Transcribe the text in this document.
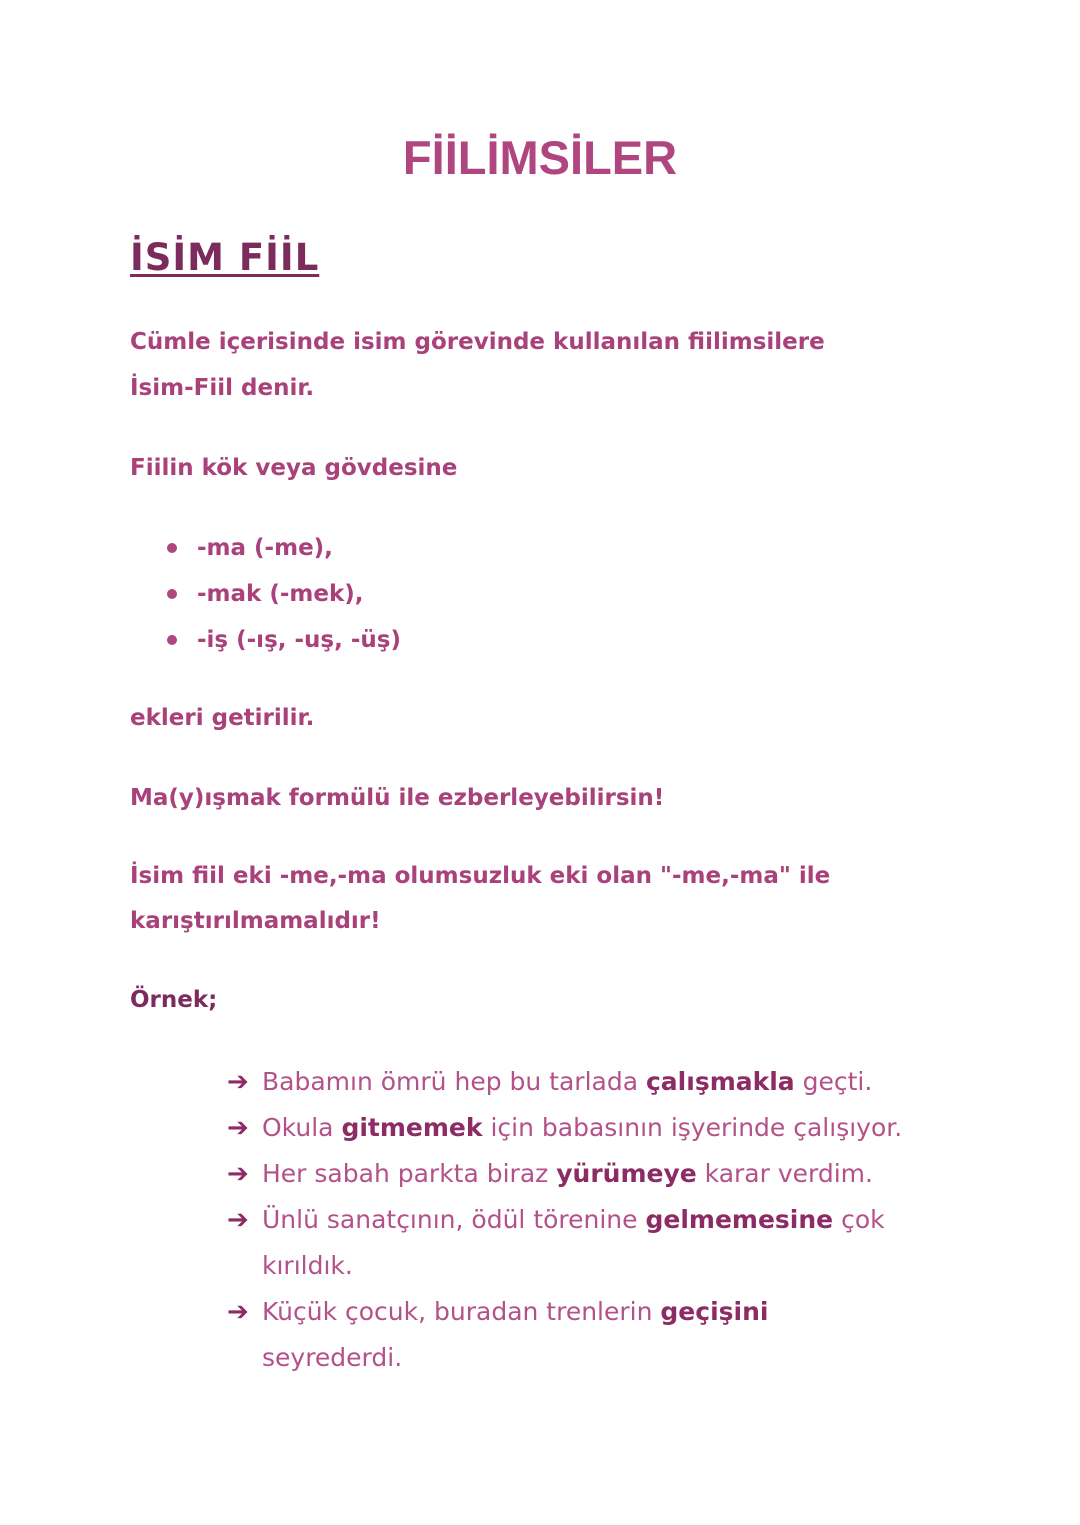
FİİLİMSİLER
İSİM FİİL
Cümle içerisinde isim görevinde kullanılan fiilimsilere
İsim-Fiil denir.
Fiilin kök veya gövdesine
-ma (-me),
-mak (-mek),
-iş (-ış, -uş, -üş)
ekleri getirilir.
Ma(y)ışmak formülü ile ezberleyebilirsin!
İsim fiil eki -me,-ma olumsuzluk eki olan "-me,-ma" ile
karıştırılmamalıdır!
Örnek;
➔
Babamın ömrü hep bu tarlada çalışmakla geçti.
➔
Okula gitmemek için babasının işyerinde çalışıyor.
➔
Her sabah parkta biraz yürümeye karar verdim.
➔
Ünlü sanatçının, ödül törenine gelmemesine çok
kırıldık.
➔
Küçük çocuk, buradan trenlerin geçişini
seyrederdi.
